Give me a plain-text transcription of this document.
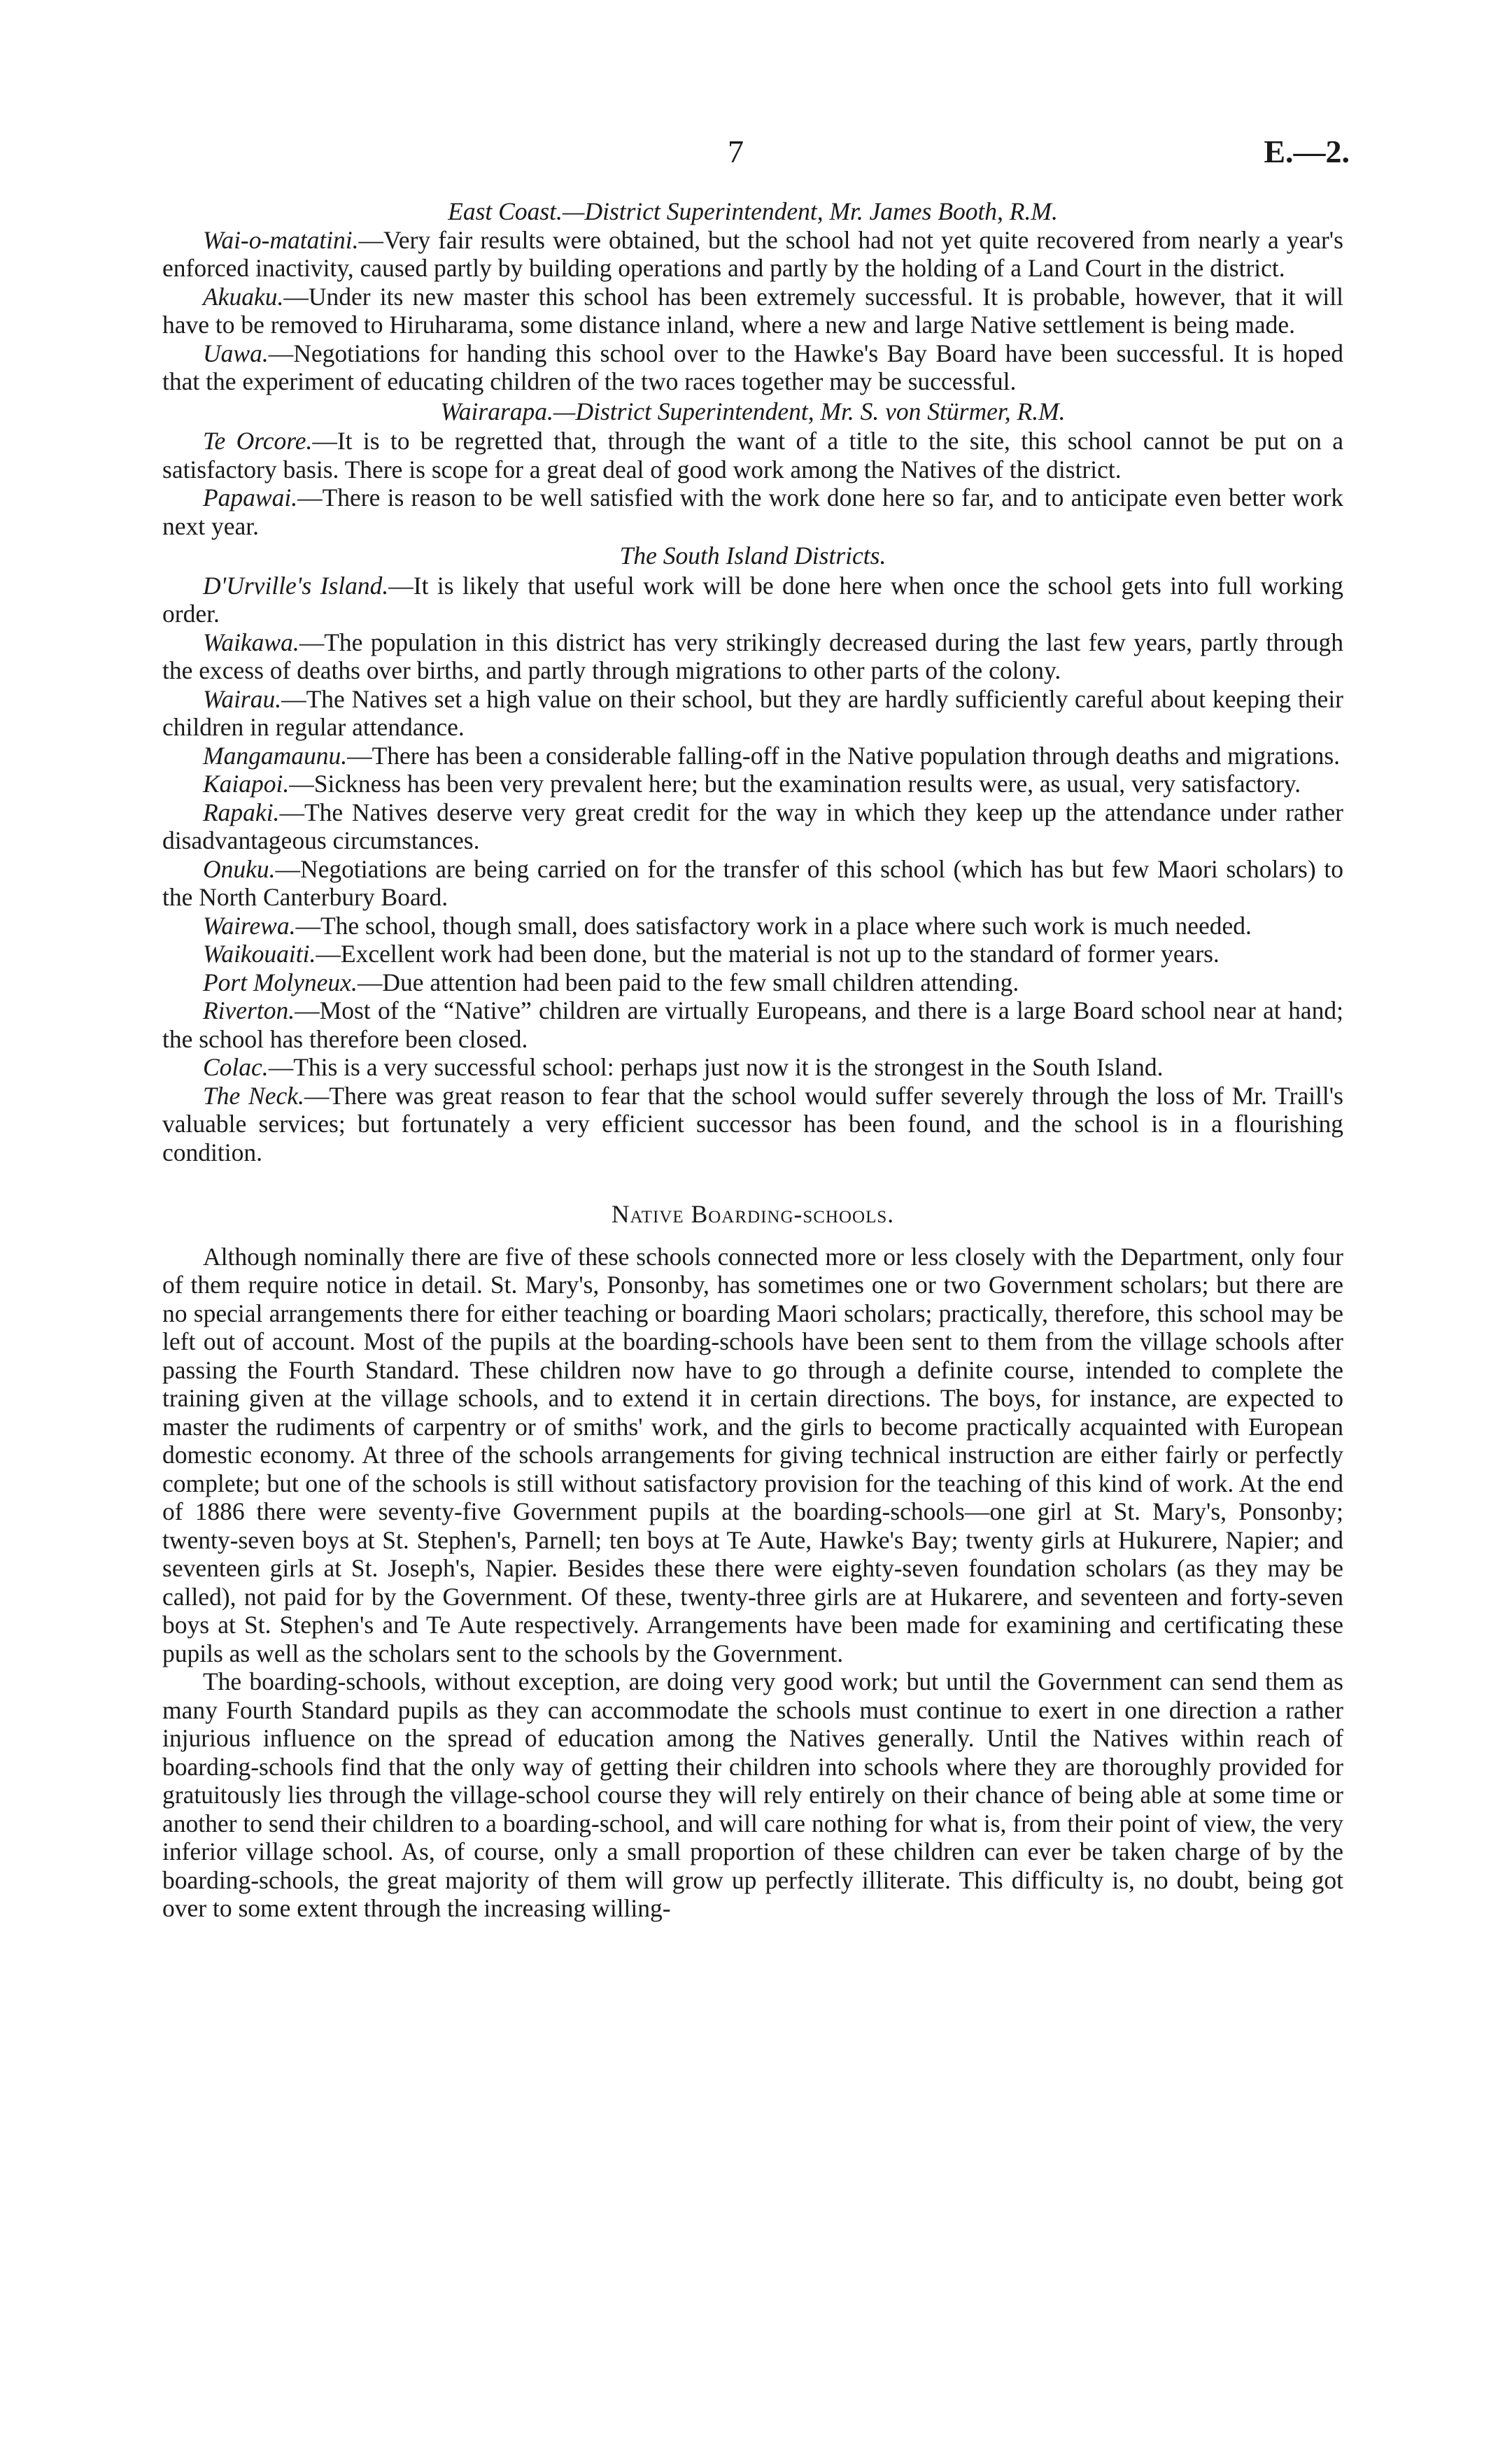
7	E.—2.
East Coast.—District Superintendent, Mr. James Booth, R.M.

Wai-o-matatini.—Very fair results were obtained, but the school had not yet quite recovered from nearly a year's enforced inactivity, caused partly by building operations and partly by the holding of a Land Court in the district.

Akuaku.—Under its new master this school has been extremely successful. It is probable, however, that it will have to be removed to Hiruharama, some distance inland, where a new and large Native settlement is being made.

Uawa.—Negotiations for handing this school over to the Hawke's Bay Board have been successful. It is hoped that the experiment of educating children of the two races together may be successful.

Wairarapa.—District Superintendent, Mr. S. von Stürmer, R.M.

Te Orcore.—It is to be regretted that, through the want of a title to the site, this school cannot be put on a satisfactory basis. There is scope for a great deal of good work among the Natives of the district.

Papawai.—There is reason to be well satisfied with the work done here so far, and to anticipate even better work next year.

The South Island Districts.

D'Urville's Island.—It is likely that useful work will be done here when once the school gets into full working order.

Waikawa.—The population in this district has very strikingly decreased during the last few years, partly through the excess of deaths over births, and partly through migrations to other parts of the colony.

Wairau.—The Natives set a high value on their school, but they are hardly sufficiently careful about keeping their children in regular attendance.

Mangamaunu.—There has been a considerable falling-off in the Native population through deaths and migrations.

Kaiapoi.—Sickness has been very prevalent here; but the examination results were, as usual, very satisfactory.

Rapaki.—The Natives deserve very great credit for the way in which they keep up the attendance under rather disadvantageous circumstances.

Onuku.—Negotiations are being carried on for the transfer of this school (which has but few Maori scholars) to the North Canterbury Board.

Wairewa.—The school, though small, does satisfactory work in a place where such work is much needed.

Waikouaiti.—Excellent work had been done, but the material is not up to the standard of former years.

Port Molyneux.—Due attention had been paid to the few small children attending.

Riverton.—Most of the “Native” children are virtually Europeans, and there is a large Board school near at hand; the school has therefore been closed.

Colac.—This is a very successful school: perhaps just now it is the strongest in the South Island.

The Neck.—There was great reason to fear that the school would suffer severely through the loss of Mr. Traill's valuable services; but fortunately a very efficient successor has been found, and the school is in a flourishing condition.

Native Boarding-schools.

Although nominally there are five of these schools connected more or less closely with the Department, only four of them require notice in detail. St. Mary's, Ponsonby, has sometimes one or two Government scholars; but there are no special arrangements there for either teaching or boarding Maori scholars; practically, therefore, this school may be left out of account. Most of the pupils at the boarding-schools have been sent to them from the village schools after passing the Fourth Standard. These children now have to go through a definite course, intended to complete the training given at the village schools, and to extend it in certain directions. The boys, for instance, are expected to master the rudiments of carpentry or of smiths' work, and the girls to become practically acquainted with European domestic economy. At three of the schools arrangements for giving technical instruction are either fairly or perfectly complete; but one of the schools is still without satisfactory provision for the teaching of this kind of work. At the end of 1886 there were seventy-five Government pupils at the boarding-schools—one girl at St. Mary's, Ponsonby; twenty-seven boys at St. Stephen's, Parnell; ten boys at Te Aute, Hawke's Bay; twenty girls at Hukurere, Napier; and seventeen girls at St. Joseph's, Napier. Besides these there were eighty-seven foundation scholars (as they may be called), not paid for by the Government. Of these, twenty-three girls are at Hukarere, and seventeen and forty-seven boys at St. Stephen's and Te Aute respectively. Arrangements have been made for examining and certificating these pupils as well as the scholars sent to the schools by the Government.

The boarding-schools, without exception, are doing very good work; but until the Government can send them as many Fourth Standard pupils as they can accommodate the schools must continue to exert in one direction a rather injurious influence on the spread of education among the Natives generally. Until the Natives within reach of boarding-schools find that the only way of getting their children into schools where they are thoroughly provided for gratuitously lies through the village-school course they will rely entirely on their chance of being able at some time or another to send their children to a boarding-school, and will care nothing for what is, from their point of view, the very inferior village school. As, of course, only a small proportion of these children can ever be taken charge of by the boarding-schools, the great majority of them will grow up perfectly illiterate. This difficulty is, no doubt, being got over to some extent through the increasing willing-
